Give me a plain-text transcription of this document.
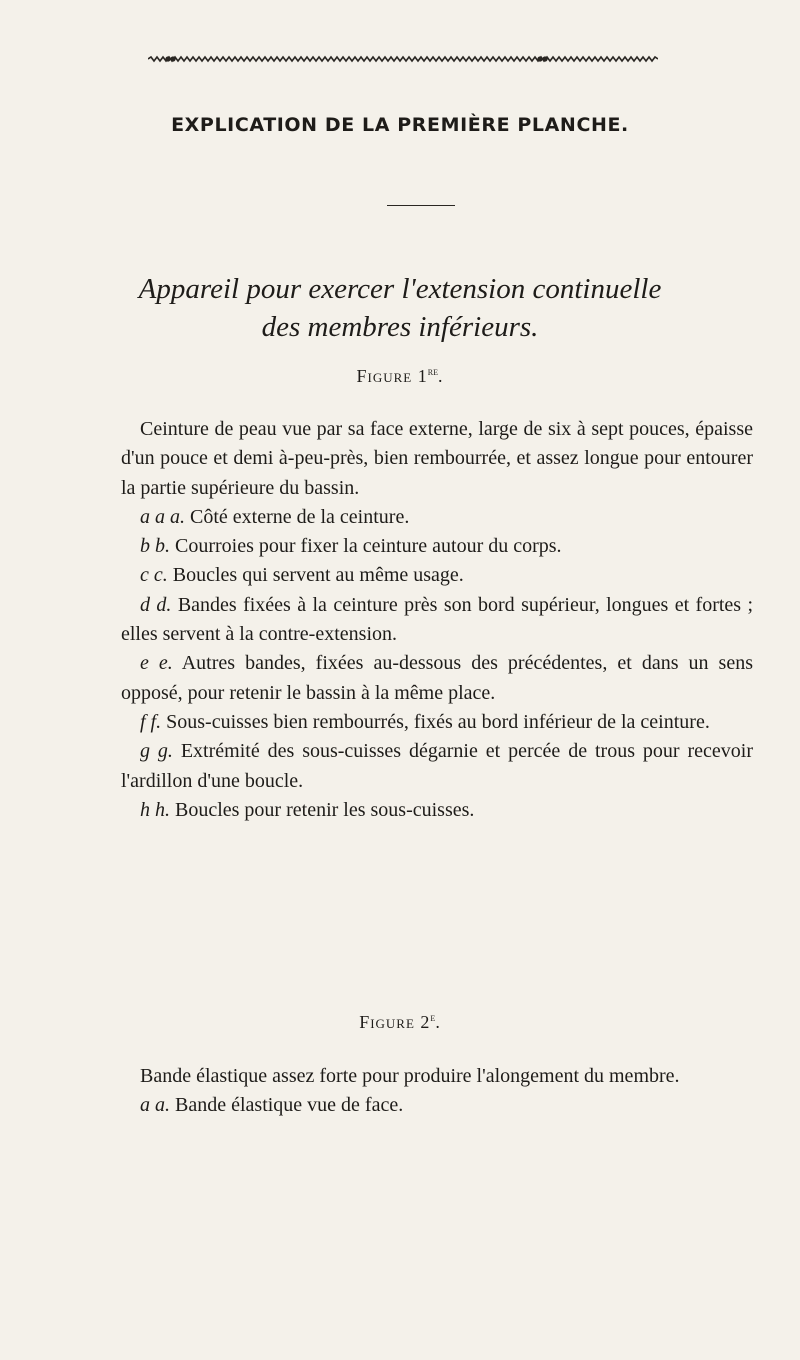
EXPLICATION DE LA PREMIÈRE PLANCHE.
Appareil pour exercer l'extension continuelle
des membres inférieurs.
Figure 1re.

Ceinture de peau vue par sa face externe, large de six à sept pouces, épaisse d'un pouce et demi à-peu-près, bien rembourrée, et assez longue pour entourer la partie supérieure du bassin.

a a a. Côté externe de la ceinture.

b b. Courroies pour fixer la ceinture autour du corps.

c c. Boucles qui servent au même usage.

d d. Bandes fixées à la ceinture près son bord supérieur, longues et fortes ; elles servent à la contre-extension.

e e. Autres bandes, fixées au-dessous des précédentes, et dans un sens opposé, pour retenir le bassin à la même place.

f f. Sous-cuisses bien rembourrés, fixés au bord inférieur de la ceinture.

g g. Extrémité des sous-cuisses dégarnie et percée de trous pour recevoir l'ardillon d'une boucle.

h h. Boucles pour retenir les sous-cuisses.

Figure 2e.

Bande élastique assez forte pour produire l'alongement du membre.

a a. Bande élastique vue de face.
